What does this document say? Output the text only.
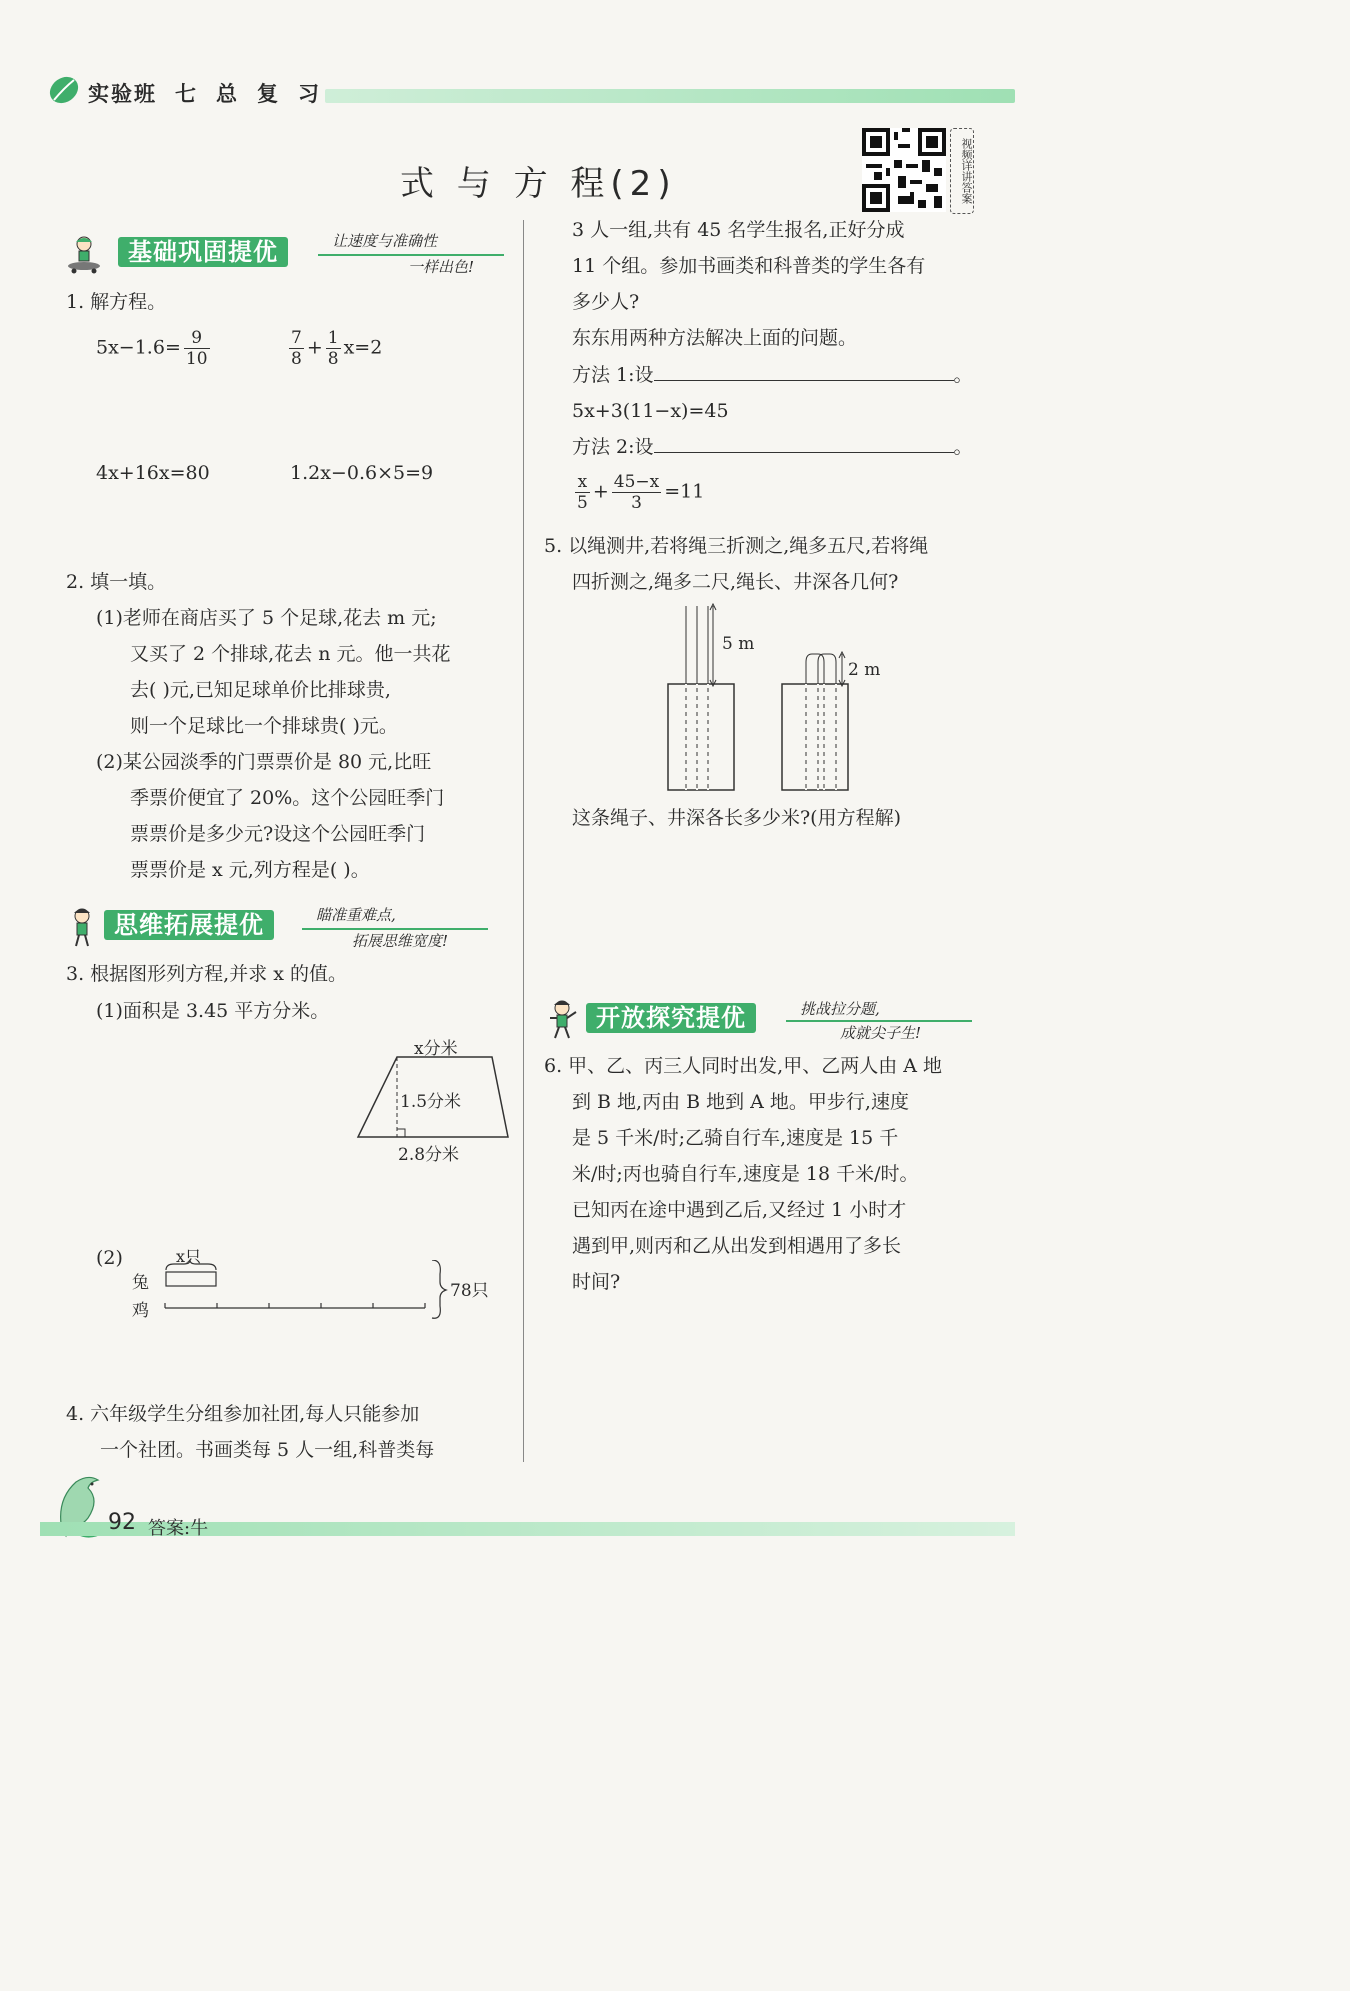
实验班 七 总 复 习
式 与 方 程(2)	视频详讲答案
基础巩固提优	让速度与准确性
一样出色!
1. 解方程。
$5x-1.6= \frac{9}{10}$	$\frac{7}{8} + \frac{1}{8} x=2$
4x+16x=80	1.2x−0.6×5=9
2. 填一填。
(1)老师在商店买了 5 个足球,花去 m 元;
又买了 2 个排球,花去 n 元。他一共花
去( )元,已知足球单价比排球贵,
则一个足球比一个排球贵( )元。
(2)某公园淡季的门票票价是 80 元,比旺
季票价便宜了 20%。这个公园旺季门
票票价是多少元?设这个公园旺季门
票票价是 x 元,列方程是( )。
思维拓展提优	瞄准重难点,
拓展思维宽度!
3. 根据图形列方程,并求 x 的值。
(1)面积是 3.45 平方分米。
x分米
1.5分米
2.8分米
(2)	x只
兔
鸡
78只
4. 六年级学生分组参加社团,每人只能参加
一个社团。书画类每 5 人一组,科普类每
3 人一组,共有 45 名学生报名,正好分成
11 个组。参加书画类和科普类的学生各有
多少人?
东东用两种方法解决上面的问题。
方法 1:设	。
5x+3(11−x)=45
方法 2:设	。
$\frac{x}{5} + \frac{45-x}{3} =11$
5. 以绳测井,若将绳三折测之,绳多五尺,若将绳
四折测之,绳多二尺,绳长、井深各几何?
5 m
2 m
这条绳子、井深各长多少米?(用方程解)
开放探究提优	挑战拉分题,
成就尖子生!
6. 甲、乙、丙三人同时出发,甲、乙两人由 A 地
到 B 地,丙由 B 地到 A 地。甲步行,速度
是 5 千米/时;乙骑自行车,速度是 15 千
米/时;丙也骑自行车,速度是 18 千米/时。
已知丙在途中遇到乙后,又经过 1 小时才
遇到甲,则丙和乙从出发到相遇用了多长
时间?
92 答案:牛
